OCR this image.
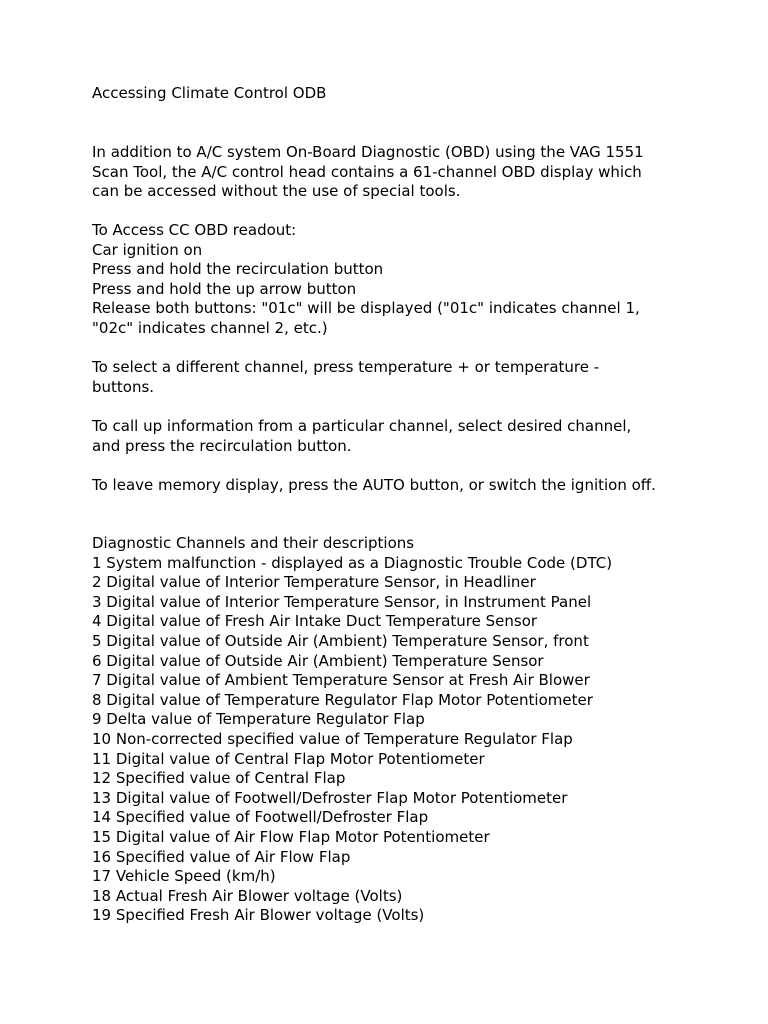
Accessing Climate Control ODB
In addition to A/C system On-Board Diagnostic (OBD) using the VAG 1551
Scan Tool, the A/C control head contains a 61-channel OBD display which
can be accessed without the use of special tools.
To Access CC OBD readout:
Car ignition on
Press and hold the recirculation button
Press and hold the up arrow button
Release both buttons: "01c" will be displayed ("01c" indicates channel 1,
"02c" indicates channel 2, etc.)
To select a different channel, press temperature + or temperature -
buttons.
To call up information from a particular channel, select desired channel,
and press the recirculation button.
To leave memory display, press the AUTO button, or switch the ignition off.
Diagnostic Channels and their descriptions
1 System malfunction - displayed as a Diagnostic Trouble Code (DTC)
2 Digital value of Interior Temperature Sensor, in Headliner
3 Digital value of Interior Temperature Sensor, in Instrument Panel
4 Digital value of Fresh Air Intake Duct Temperature Sensor
5 Digital value of Outside Air (Ambient) Temperature Sensor, front
6 Digital value of Outside Air (Ambient) Temperature Sensor
7 Digital value of Ambient Temperature Sensor at Fresh Air Blower
8 Digital value of Temperature Regulator Flap Motor Potentiometer
9 Delta value of Temperature Regulator Flap
10 Non-corrected specified value of Temperature Regulator Flap
11 Digital value of Central Flap Motor Potentiometer
12 Specified value of Central Flap
13 Digital value of Footwell/Defroster Flap Motor Potentiometer
14 Specified value of Footwell/Defroster Flap
15 Digital value of Air Flow Flap Motor Potentiometer
16 Specified value of Air Flow Flap
17 Vehicle Speed (km/h)
18 Actual Fresh Air Blower voltage (Volts)
19 Specified Fresh Air Blower voltage (Volts)
